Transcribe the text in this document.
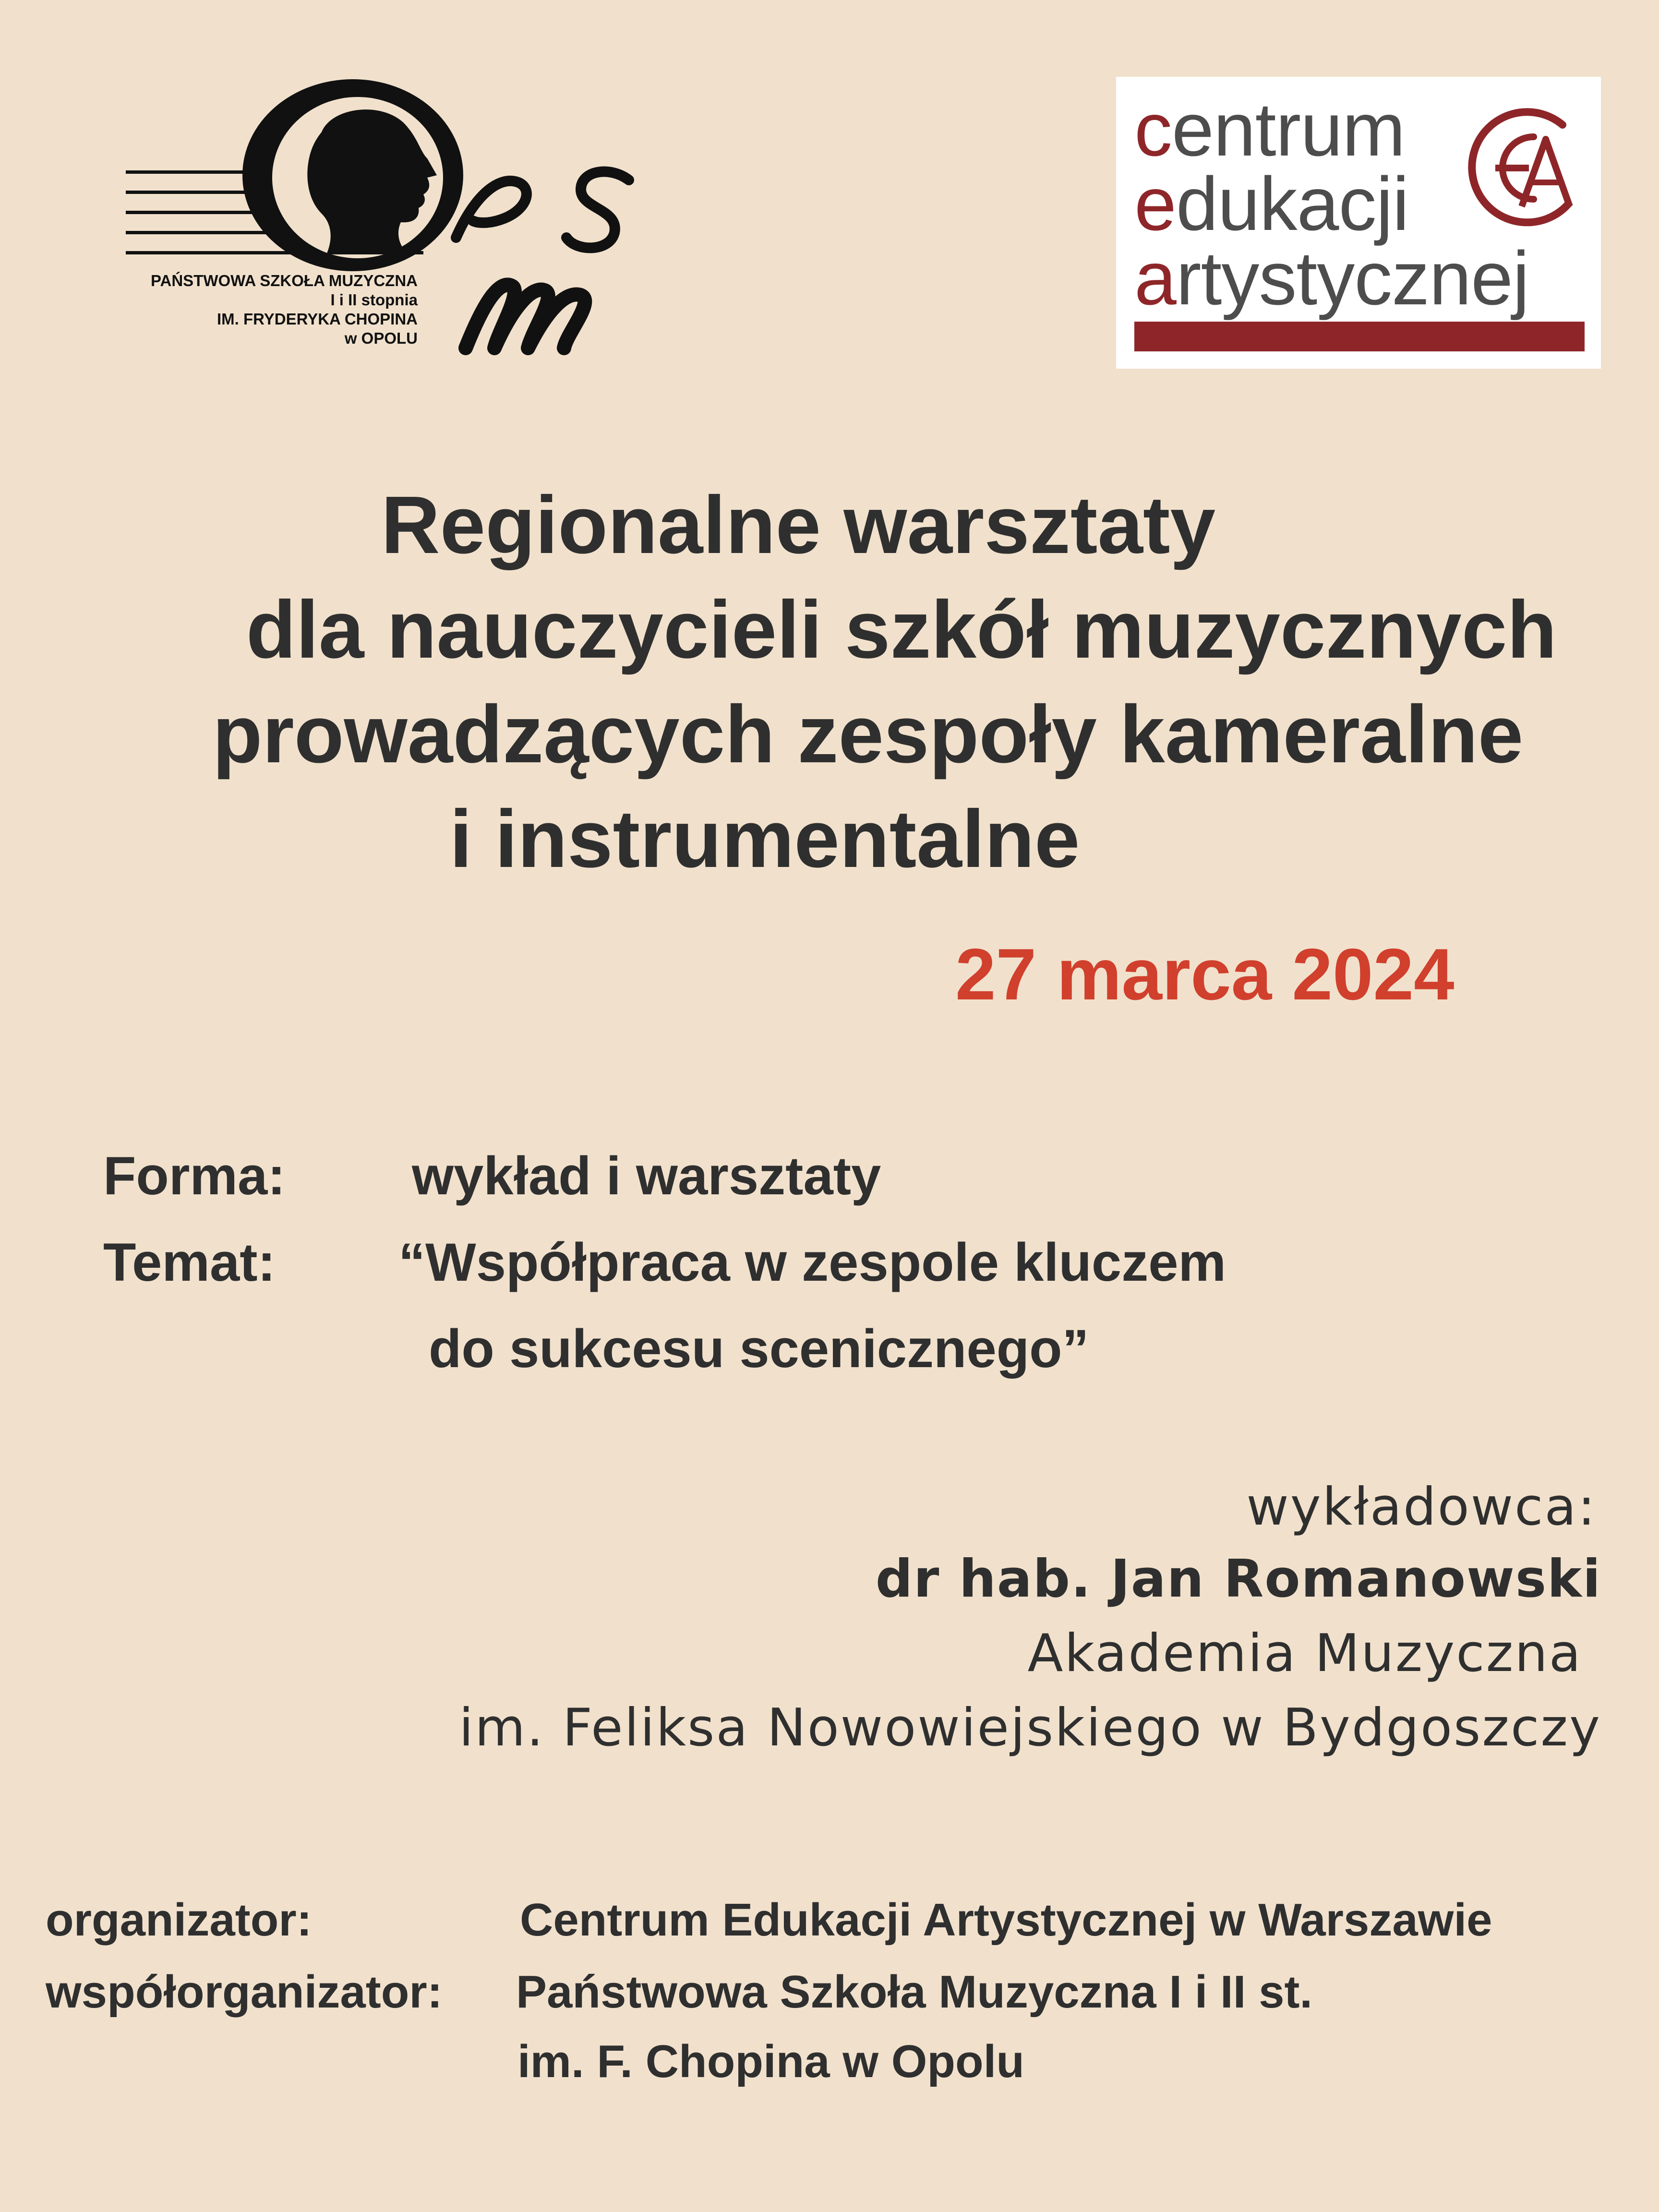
PAŃSTWOWA SZKOŁA MUZYCZNA
I i II stopnia
IM. FRYDERYKA CHOPINA
w OPOLU
centrum
edukacji
artystycznej
Regionalne warsztaty
dla nauczycieli szkół muzycznych
prowadzących zespoły kameralne
i instrumentalne
27 marca 2024
Forma: wykład i warsztaty
Temat: “Współpraca w zespole kluczem
do sukcesu scenicznego”
wykładowca:
dr hab. Jan Romanowski
Akademia Muzyczna
im. Feliksa Nowowiejskiego w Bydgoszczy
organizator:	Centrum Edukacji Artystycznej w Warszawie
współorganizator: Państwowa Szkoła Muzyczna I i II st.
im. F. Chopina w Opolu
